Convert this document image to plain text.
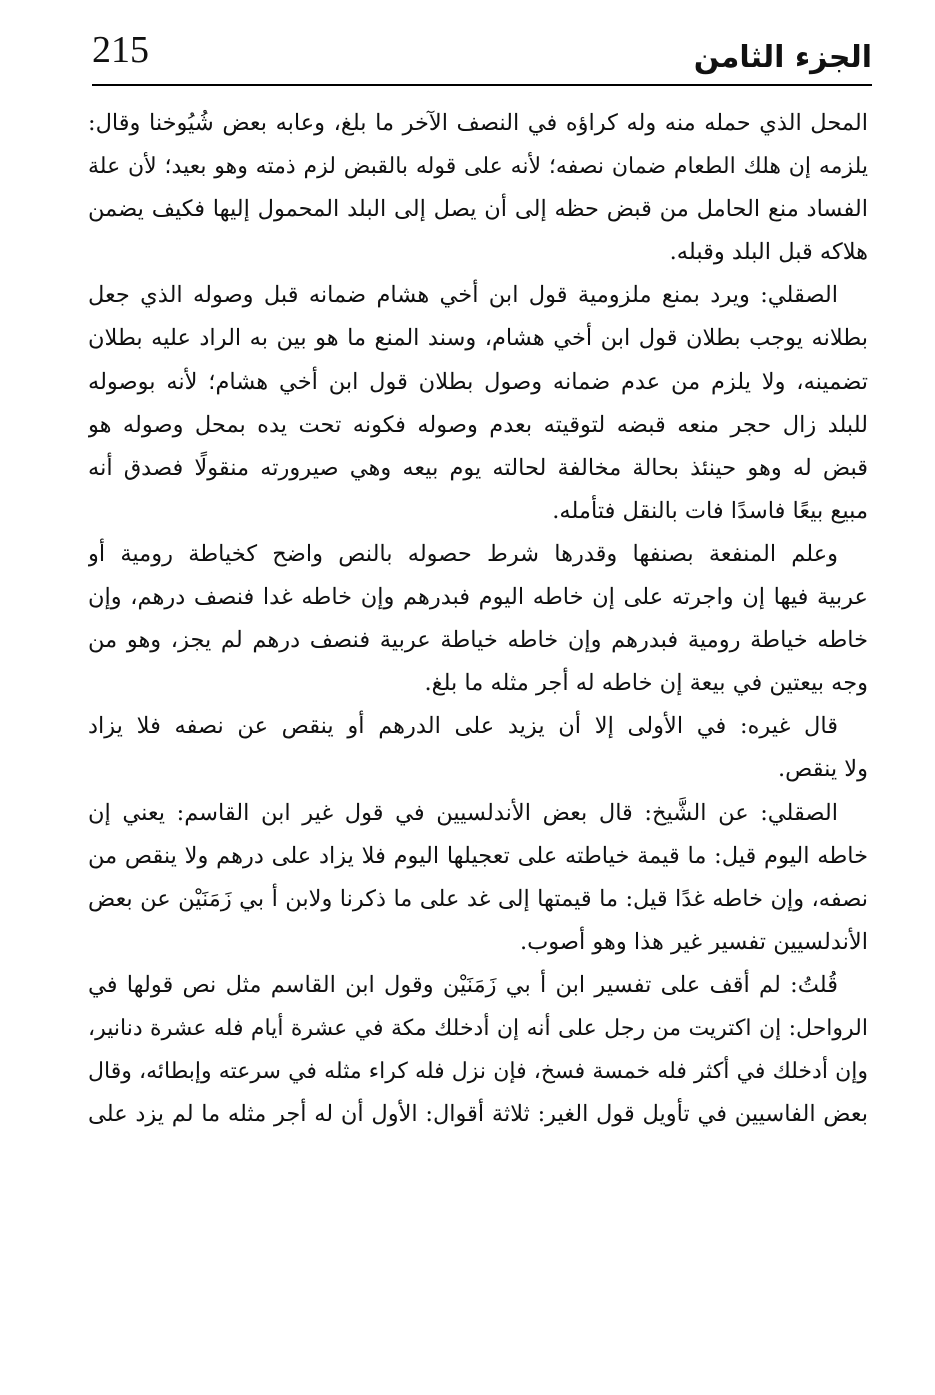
215	الجزء الثامن
المحل الذي حمله منه وله كراؤه في النصف الآخر ما بلغ، وعابه بعض شُيُوخنا وقال:
يلزمه إن هلك الطعام ضمان نصفه؛ لأنه على قوله بالقبض لزم ذمته وهو بعيد؛ لأن علة
الفساد منع الحامل من قبض حظه إلى أن يصل إلى البلد المحمول إليها فكيف يضمن
هلاكه قبل البلد وقبله.
الصقلي: ويرد بمنع ملزومية قول ابن أخي هشام ضمانه قبل وصوله الذي جعل
بطلانه يوجب بطلان قول ابن أخي هشام، وسند المنع ما هو بين به الراد عليه بطلان
تضمينه، ولا يلزم من عدم ضمانه وصول بطلان قول ابن أخي هشام؛ لأنه بوصوله
للبلد زال حجر منعه قبضه لتوقيته بعدم وصوله فكونه تحت يده بمحل وصوله هو
قبض له وهو حينئذ بحالة مخالفة لحالته يوم بيعه وهي صيرورته منقولًا فصدق أنه
مبيع بيعًا فاسدًا فات بالنقل فتأمله.
وعلم المنفعة بصنفها وقدرها شرط حصوله بالنص واضح كخياطة رومية أو
عربية فيها إن واجرته على إن خاطه اليوم فبدرهم وإن خاطه غدا فنصف درهم، وإن
خاطه خياطة رومية فبدرهم وإن خاطه خياطة عربية فنصف درهم لم يجز، وهو من
وجه بيعتين في بيعة إن خاطه له أجر مثله ما بلغ.
قال غيره: في الأولى إلا أن يزيد على الدرهم أو ينقص عن نصفه فلا يزاد
ولا ينقص.
الصقلي: عن الشَّيخ: قال بعض الأندلسيين في قول غير ابن القاسم: يعني إن
خاطه اليوم قيل: ما قيمة خياطته على تعجيلها اليوم فلا يزاد على درهم ولا ينقص من
نصفه، وإن خاطه غدًا قيل: ما قيمتها إلى غد على ما ذكرنا ولابن أ بي زَمَنَيْن عن بعض
الأندلسيين تفسير غير هذا وهو أصوب.
قُلتُ: لم أقف على تفسير ابن أ بي زَمَنَيْن وقول ابن القاسم مثل نص قولها في
الرواحل: إن اكتريت من رجل على أنه إن أدخلك مكة في عشرة أيام فله عشرة دنانير،
وإن أدخلك في أكثر فله خمسة فسخ، فإن نزل فله كراء مثله في سرعته وإبطائه، وقال
بعض الفاسيين في تأويل قول الغير: ثلاثة أقوال: الأول أن له أجر مثله ما لم يزد على
